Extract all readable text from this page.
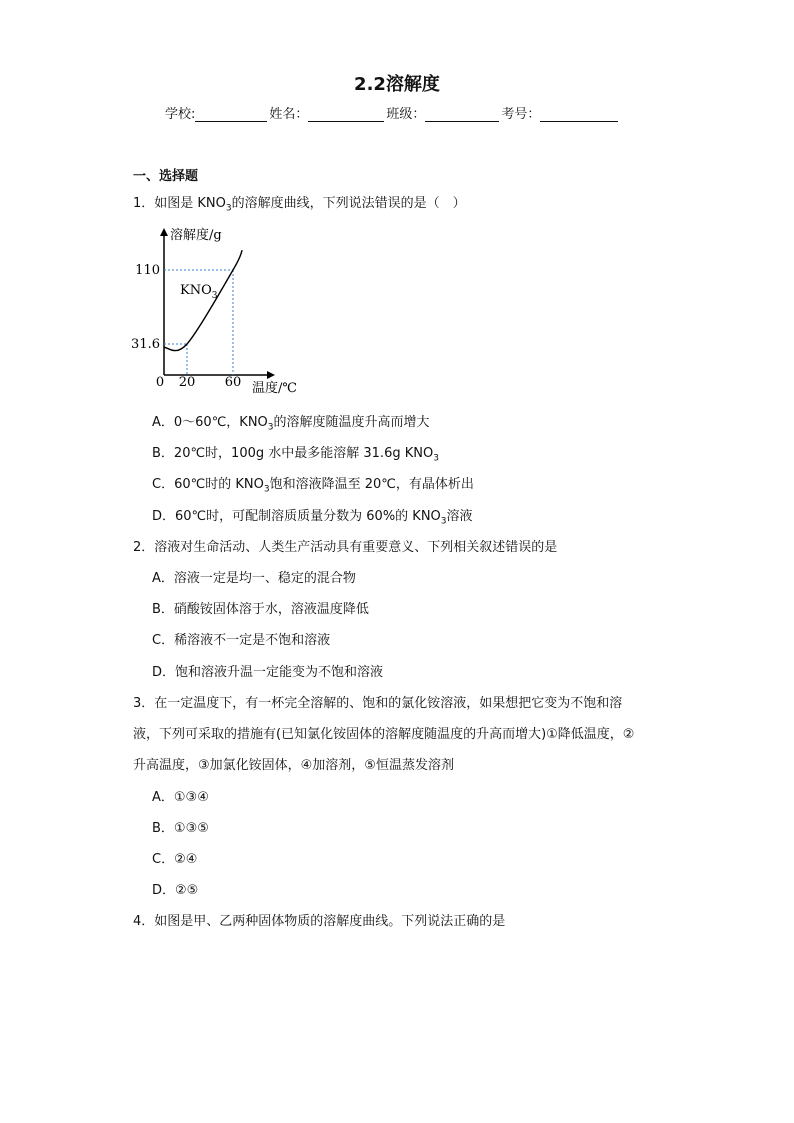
2.2溶解度
学校:	姓名：	班级：	考号：
一、选择题
1．如图是 $KNO_3$的溶解度曲线，下列说法错误的是（　）
溶解度/g
温度/℃
0
110
31.6
20 60
$KNO_3$
A．0～60℃，$KNO_3$的溶解度随温度升高而增大
B．20℃时，100g 水中最多能溶解 31.6g $KNO_3$
C．60℃时的 $KNO_3$饱和溶液降温至 20℃，有晶体析出
D．60℃时，可配制溶质质量分数为 60%的 $KNO_3$溶液
2．溶液对生命活动、人类生产活动具有重要意义、下列相关叙述错误的是
A．溶液一定是均一、稳定的混合物
B．硝酸铵固体溶于水，溶液温度降低
C．稀溶液不一定是不饱和溶液
D．饱和溶液升温一定能变为不饱和溶液
3．在一定温度下，有一杯完全溶解的、饱和的氯化铵溶液，如果想把它变为不饱和溶
液，下列可采取的措施有(已知氯化铵固体的溶解度随温度的升高而增大)①降低温度，②
升高温度，③加氯化铵固体，④加溶剂，⑤恒温蒸发溶剂
A．①③④
B．①③⑤
C．②④
D．②⑤
4．如图是甲、乙两种固体物质的溶解度曲线。下列说法正确的是
